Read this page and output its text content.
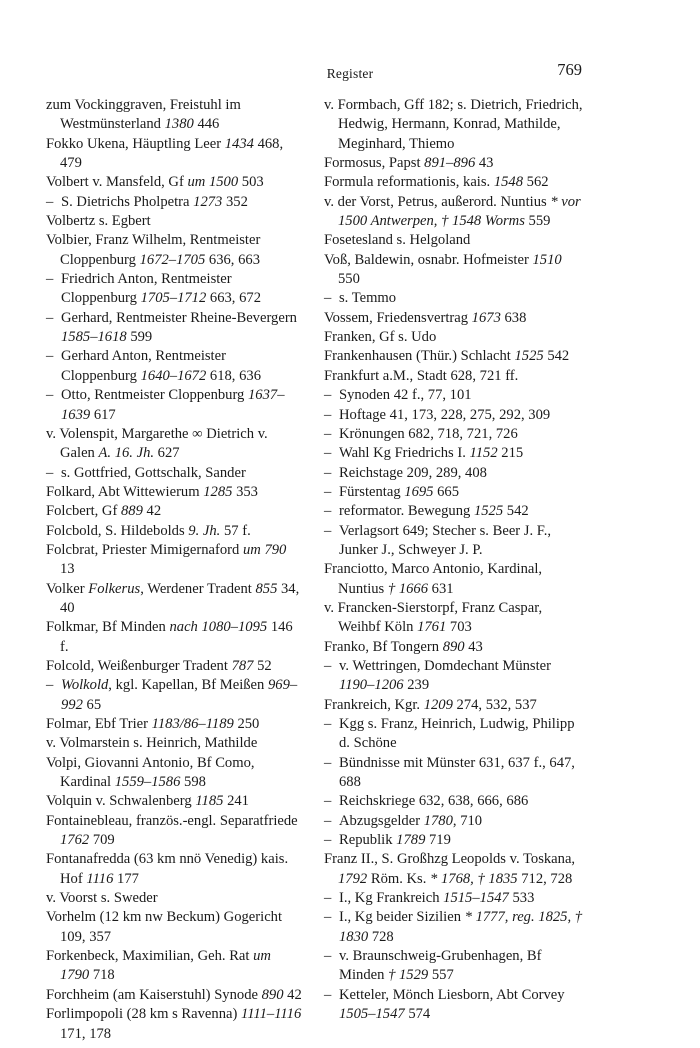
Register	769

zum Vockinggraven, Freistuhl im Westmünsterland 1380 446

Fokko Ukena, Häuptling Leer 1434 468, 479

Volbert v. Mansfeld, Gf um 1500 503

– S. Dietrichs Pholpetra 1273 352

Volbertz s. Egbert

Volbier, Franz Wilhelm, Rentmeister Cloppenburg 1672–1705 636, 663

– Friedrich Anton, Rentmeister Cloppenburg 1705–1712 663, 672

– Gerhard, Rentmeister Rheine-Bevergern 1585–1618 599

– Gerhard Anton, Rentmeister Cloppenburg 1640–1672 618, 636

– Otto, Rentmeister Cloppenburg 1637–1639 617

v. Volenspit, Margarethe ∞ Dietrich v. Galen A. 16. Jh. 627

– s. Gottfried, Gottschalk, Sander

Folkard, Abt Wittewierum 1285 353

Folcbert, Gf 889 42

Folcbold, S. Hildebolds 9. Jh. 57 f.

Folcbrat, Priester Mimigernaford um 790 13

Volker Folkerus, Werdener Tradent 855 34, 40

Folkmar, Bf Minden nach 1080–1095 146 f.

Folcold, Weißenburger Tradent 787 52

– Wolkold, kgl. Kapellan, Bf Meißen 969–992 65

Folmar, Ebf Trier 1183/86–1189 250

v. Volmarstein s. Heinrich, Mathilde

Volpi, Giovanni Antonio, Bf Como, Kardinal 1559–1586 598

Volquin v. Schwalenberg 1185 241

Fontainebleau, französ.-engl. Separatfriede 1762 709

Fontanafredda (63 km nnö Venedig) kais. Hof 1116 177

v. Voorst s. Sweder

Vorhelm (12 km nw Beckum) Gogericht 109, 357

Forkenbeck, Maximilian, Geh. Rat um 1790 718

Forchheim (am Kaiserstuhl) Synode 890 42

Forlimpopoli (28 km s Ravenna) 1111–1116 171, 178

v. Formbach, Gff 182; s. Dietrich, Friedrich, Hedwig, Hermann, Konrad, Mathilde, Meginhard, Thiemo

Formosus, Papst 891–896 43

Formula reformationis, kais. 1548 562

v. der Vorst, Petrus, außerord. Nuntius * vor 1500 Antwerpen, † 1548 Worms 559

Fosetesland s. Helgoland

Voß, Baldewin, osnabr. Hofmeister 1510 550

– s. Temmo

Vossem, Friedensvertrag 1673 638

Franken, Gf s. Udo

Frankenhausen (Thür.) Schlacht 1525 542

Frankfurt a.M., Stadt 628, 721 ff.

– Synoden 42 f., 77, 101

– Hoftage 41, 173, 228, 275, 292, 309

– Krönungen 682, 718, 721, 726

– Wahl Kg Friedrichs I. 1152 215

– Reichstage 209, 289, 408

– Fürstentag 1695 665

– reformator. Bewegung 1525 542

– Verlagsort 649; Stecher s. Beer J. F., Junker J., Schweyer J. P.

Franciotto, Marco Antonio, Kardinal, Nuntius † 1666 631

v. Francken-Sierstorpf, Franz Caspar, Weihbf Köln 1761 703

Franko, Bf Tongern 890 43

– v. Wettringen, Domdechant Münster 1190–1206 239

Frankreich, Kgr. 1209 274, 532, 537

– Kgg s. Franz, Heinrich, Ludwig, Philipp d. Schöne

– Bündnisse mit Münster 631, 637 f., 647, 688

– Reichskriege 632, 638, 666, 686

– Abzugsgelder 1780, 710

– Republik 1789 719

Franz II., S. Großhzg Leopolds v. Toskana, 1792 Röm. Ks. * 1768, † 1835 712, 728

– I., Kg Frankreich 1515–1547 533

– I., Kg beider Sizilien * 1777, reg. 1825, † 1830 728

– v. Braunschweig-Grubenhagen, Bf Minden † 1529 557

– Ketteler, Mönch Liesborn, Abt Corvey 1505–1547 574
